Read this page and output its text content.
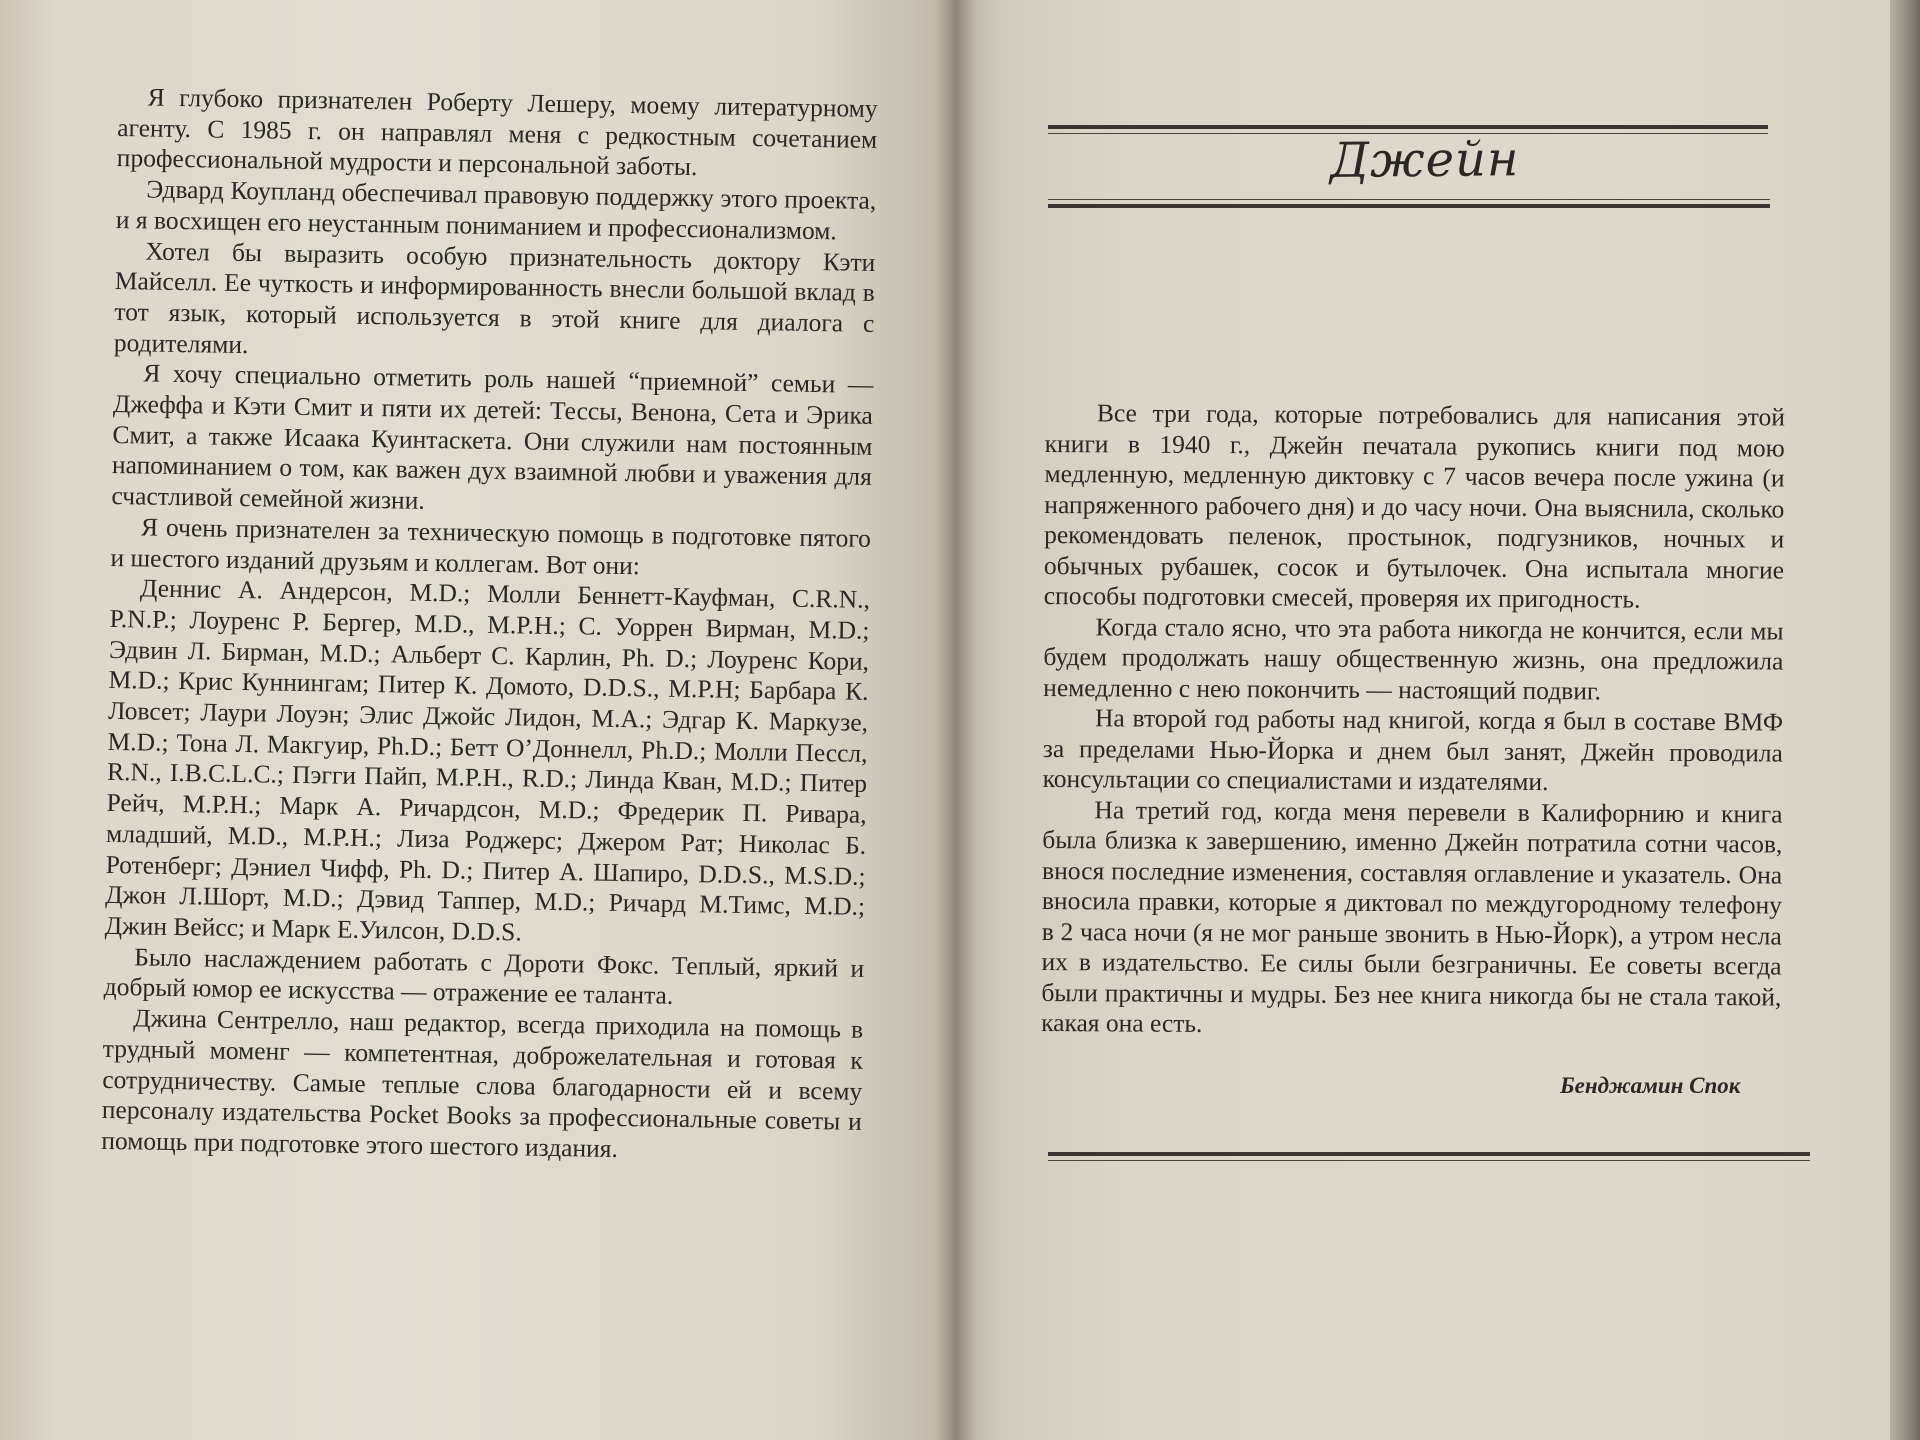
Я глубоко признателен Роберту Лешеру, моему литературному агенту. С 1985 г. он направлял меня с редкостным сочетанием профессиональной мудрости и персональной заботы.

Эдвард Коупланд обеспечивал правовую поддержку этого проекта, и я восхищен его неустанным пониманием и профессионализмом.

Хотел бы выразить особую признательность доктору Кэти Майселл. Ее чуткость и информированность внесли большой вклад в тот язык, который используется в этой книге для диалога с родителями.

Я хочу специально отметить роль нашей “приемной” семьи — Джеффа и Кэти Смит и пяти их детей: Тессы, Венона, Сета и Эрика Смит, а также Исаака Куинтаскета. Они служили нам постоянным напоминанием о том, как важен дух взаимной любви и уважения для счастливой семейной жизни.

Я очень признателен за техническую помощь в подготовке пятого и шестого изданий друзьям и коллегам. Вот они:

Деннис А. Андерсон, M.D.; Молли Беннетт-Кауфман, C.R.N., P.N.P.; Лоуренс Р. Бергер, M.D., M.P.H.; С. Уоррен Вирман, M.D.; Эдвин Л. Бирман, M.D.; Альберт С. Карлин, Ph. D.; Лоуренс Кори, M.D.; Крис Куннингам; Питер К. Домото, D.D.S., M.P.H; Барбара К. Ловсет; Лаури Лоуэн; Элис Джойс Лидон, M.A.; Эдгар К. Маркузе, M.D.; Тона Л. Макгуир, Ph.D.; Бетт О’Доннелл, Ph.D.; Молли Пессл, R.N., I.B.C.L.C.; Пэгги Пайп, M.P.H., R.D.; Линда Кван, M.D.; Питер Рейч, M.P.H.; Марк А. Ричардсон, M.D.; Фредерик П. Ривара, младший, M.D., M.P.H.; Лиза Роджерс; Джером Рат; Николас Б. Ротенберг; Дэниел Чифф, Ph. D.; Питер А. Шапиро, D.D.S., M.S.D.; Джон Л.Шорт, M.D.; Дэвид Таппер, M.D.; Ричард М.Тимс, M.D.; Джин Вейсс; и Марк Е.Уилсон, D.D.S.

Было наслаждением работать с Дороти Фокс. Теплый, яркий и добрый юмор ее искусства — отражение ее таланта.

Джина Сентрелло, наш редактор, всегда приходила на помощь в трудный моменг — компетентная, доброжелательная и готовая к сотрудничеству. Самые теплые слова благодарности ей и всему персоналу издательства Pocket Books за профессиональные советы и помощь при подготовке этого шестого издания.

Джейн

Все три года, которые потребовались для написания этой книги в 1940 г., Джейн печатала рукопись книги под мою медленную, медленную диктовку с 7 часов вечера после ужина (и напряженного рабочего дня) и до часу ночи. Она выяснила, сколько рекомендовать пеленок, простынок, подгузников, ночных и обычных рубашек, сосок и бутылочек. Она испытала многие способы подготовки смесей, проверяя их пригодность.

Когда стало ясно, что эта работа никогда не кончится, если мы будем продолжать нашу общественную жизнь, она предложила немедленно с нею покончить — настоящий подвиг.

На второй год работы над книгой, когда я был в составе ВМФ за пределами Нью-Йорка и днем был занят, Джейн проводила консультации со специалистами и издателями.

На третий год, когда меня перевели в Калифорнию и книга была близка к завершению, именно Джейн потратила сотни часов, внося последние изменения, составляя оглавление и указатель. Она вносила правки, которые я диктовал по междугородному телефону в 2 часа ночи (я не мог раньше звонить в Нью-Йорк), а утром несла их в издательство. Ее силы были безграничны. Ее советы всегда были практичны и мудры. Без нее книга никогда бы не стала такой, какая она есть.

Бенджамин Спок
